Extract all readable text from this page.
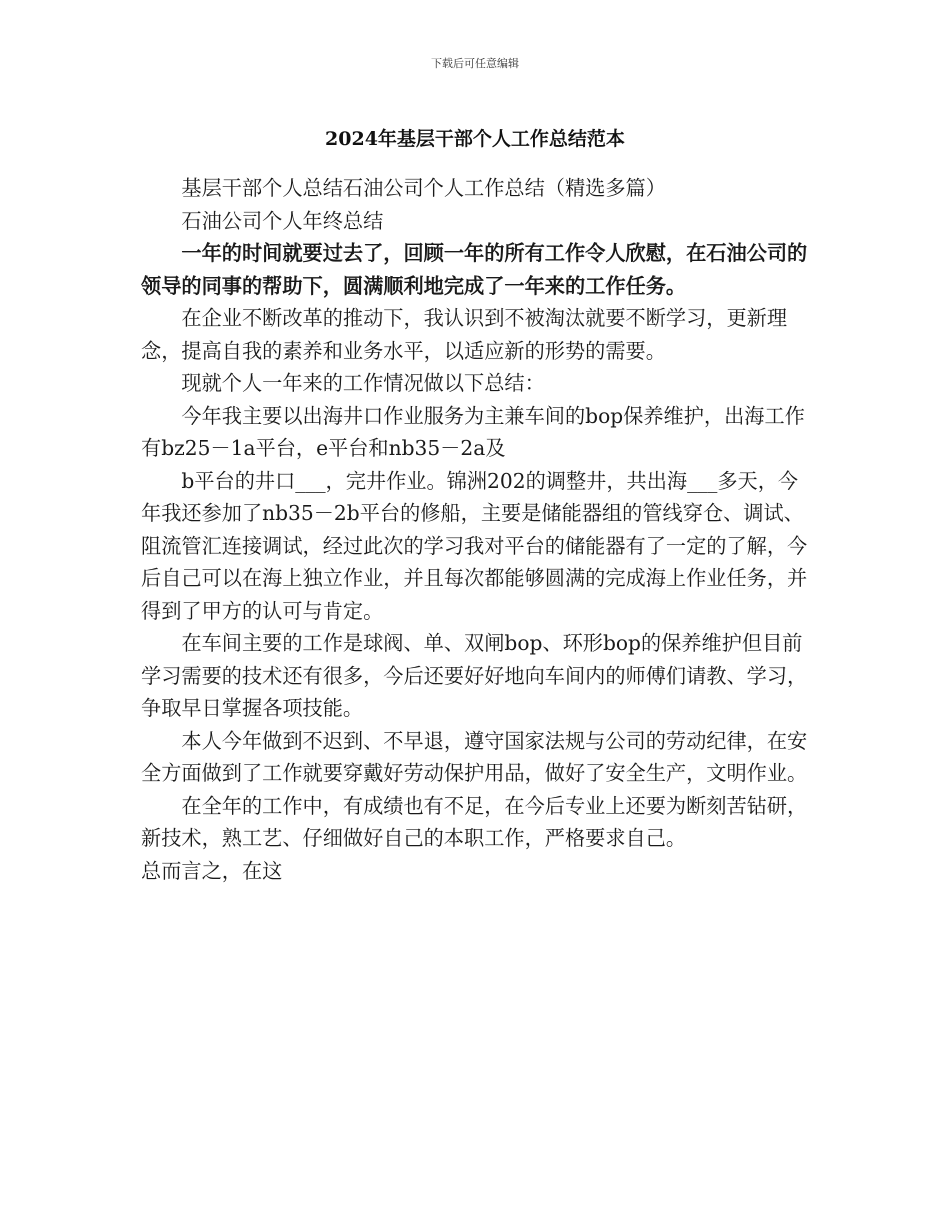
下载后可任意编辑
2024年基层干部个人工作总结范本

基层干部个人总结石油公司个人工作总结（精选多篇）

石油公司个人年终总结

一年的时间就要过去了，回顾一年的所有工作令人欣慰，在石油公司的领导的同事的帮助下，圆满顺利地完成了一年来的工作任务。

在企业不断改革的推动下，我认识到不被淘汰就要不断学习，更新理念，提高自我的素养和业务水平，以适应新的形势的需要。

现就个人一年来的工作情况做以下总结：

今年我主要以出海井口作业服务为主兼车间的bop保养维护，出海工作有bz25－1a平台，e平台和nb35－2a及

b平台的井口___，完井作业。锦洲202的调整井，共出海___多天，今年我还参加了nb35－2b平台的修船，主要是储能器组的管线穿仓、调试、阻流管汇连接调试，经过此次的学习我对平台的储能器有了一定的了解，今后自己可以在海上独立作业，并且每次都能够圆满的完成海上作业任务，并得到了甲方的认可与肯定。

在车间主要的工作是球阀、单、双闸bop、环形bop的保养维护但目前学习需要的技术还有很多，今后还要好好地向车间内的师傅们请教、学习，争取早日掌握各项技能。

本人今年做到不迟到、不早退，遵守国家法规与公司的劳动纪律，在安全方面做到了工作就要穿戴好劳动保护用品，做好了安全生产，文明作业。

在全年的工作中，有成绩也有不足，在今后专业上还要为断刻苦钻研，新技术，熟工艺、仔细做好自己的本职工作，严格要求自己。

总而言之，在这
